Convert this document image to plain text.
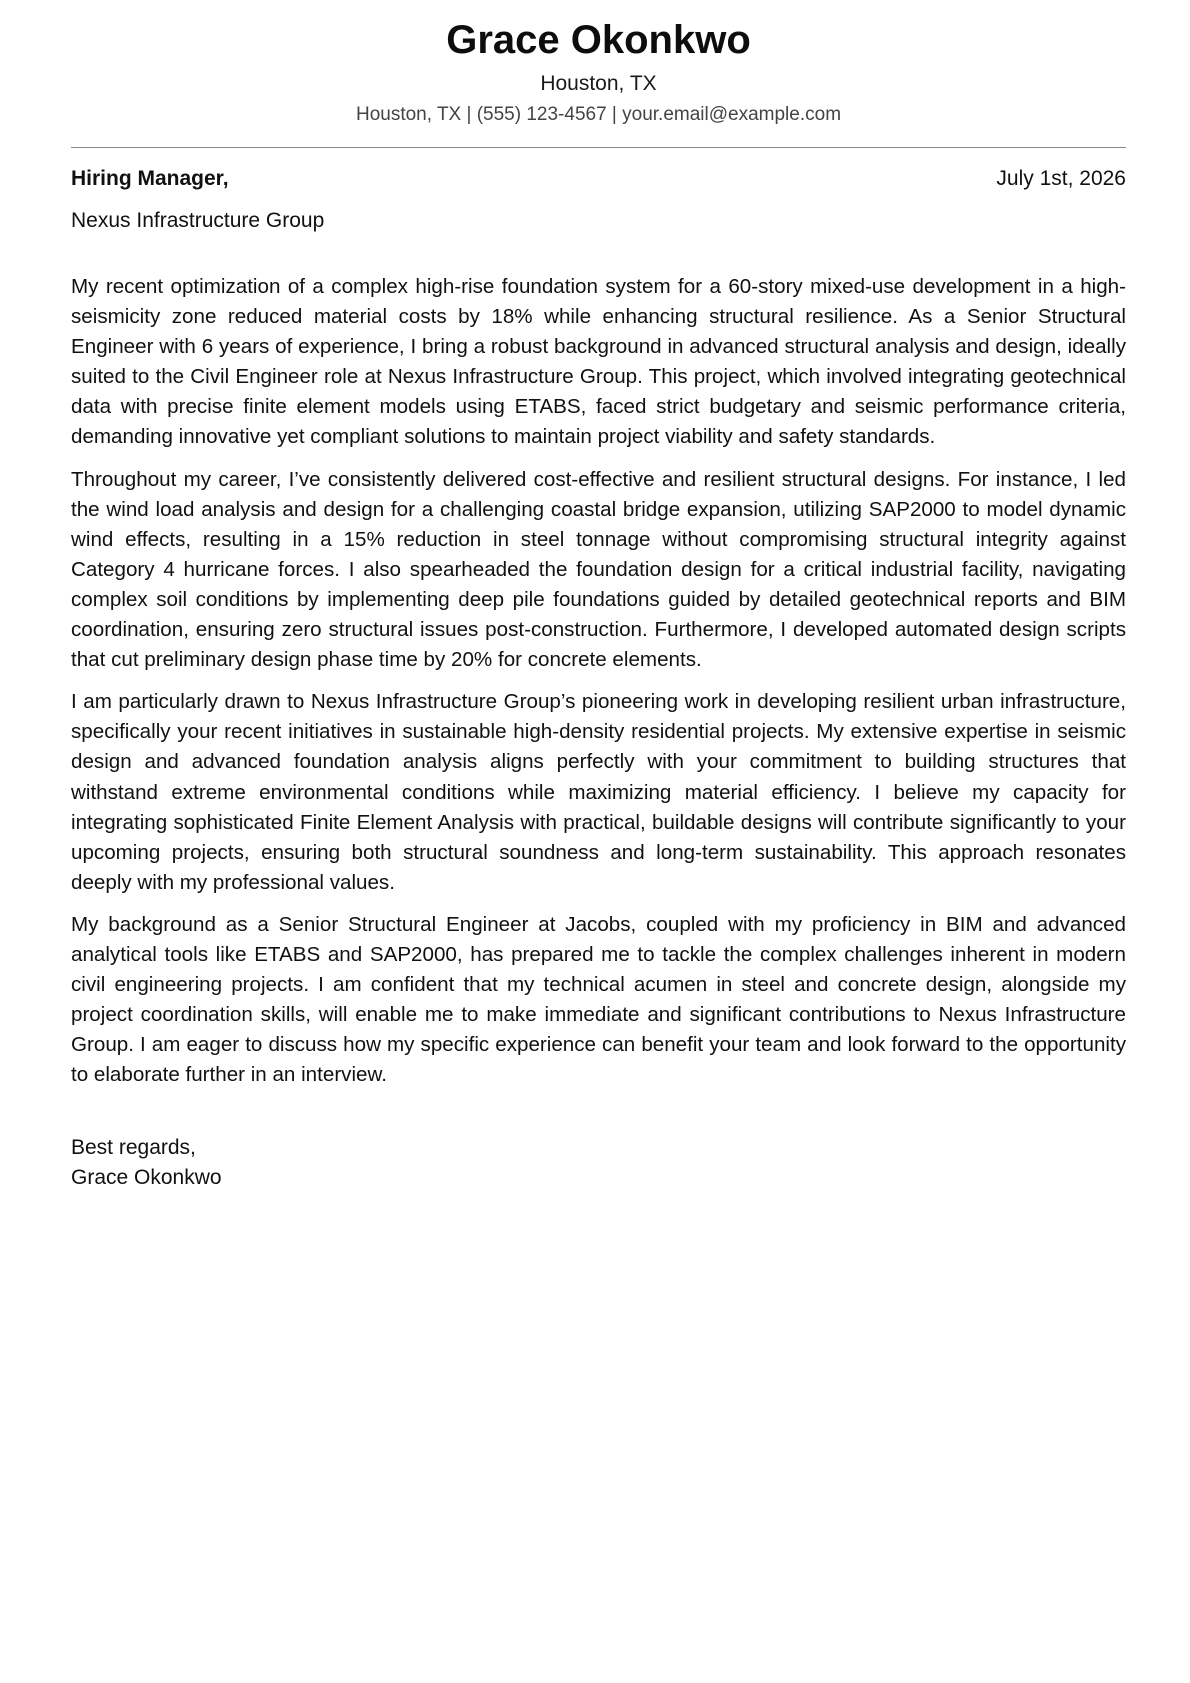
Grace Okonkwo
Houston, TX
Houston, TX | (555) 123-4567 | your.email@example.com
Hiring Manager,	July 1st, 2026
Nexus Infrastructure Group

My recent optimization of a complex high-rise foundation system for a 60-story mixed-use development in a high-seismicity zone reduced material costs by 18% while enhancing structural resilience. As a Senior Structural Engineer with 6 years of experience, I bring a robust background in advanced structural analysis and design, ideally suited to the Civil Engineer role at Nexus Infrastructure Group. This project, which involved integrating geotechnical data with precise finite element models using ETABS, faced strict budgetary and seismic performance criteria, demanding innovative yet compliant solutions to maintain project viability and safety standards.

Throughout my career, I’ve consistently delivered cost-effective and resilient structural designs. For instance, I led the wind load analysis and design for a challenging coastal bridge expansion, utilizing SAP2000 to model dynamic wind effects, resulting in a 15% reduction in steel tonnage without compromising structural integrity against Category 4 hurricane forces. I also spearheaded the foundation design for a critical industrial facility, navigating complex soil conditions by implementing deep pile foundations guided by detailed geotechnical reports and BIM coordination, ensuring zero structural issues post-construction. Furthermore, I developed automated design scripts that cut preliminary design phase time by 20% for concrete elements.

I am particularly drawn to Nexus Infrastructure Group’s pioneering work in developing resilient urban infrastructure, specifically your recent initiatives in sustainable high-density residential projects. My extensive expertise in seismic design and advanced foundation analysis aligns perfectly with your commitment to building structures that withstand extreme environmental conditions while maximizing material efficiency. I believe my capacity for integrating sophisticated Finite Element Analysis with practical, buildable designs will contribute significantly to your upcoming projects, ensuring both structural soundness and long-term sustainability. This approach resonates deeply with my professional values.

My background as a Senior Structural Engineer at Jacobs, coupled with my proficiency in BIM and advanced analytical tools like ETABS and SAP2000, has prepared me to tackle the complex challenges inherent in modern civil engineering projects. I am confident that my technical acumen in steel and concrete design, alongside my project coordination skills, will enable me to make immediate and significant contributions to Nexus Infrastructure Group. I am eager to discuss how my specific experience can benefit your team and look forward to the opportunity to elaborate further in an interview.

Best regards,
Grace Okonkwo
